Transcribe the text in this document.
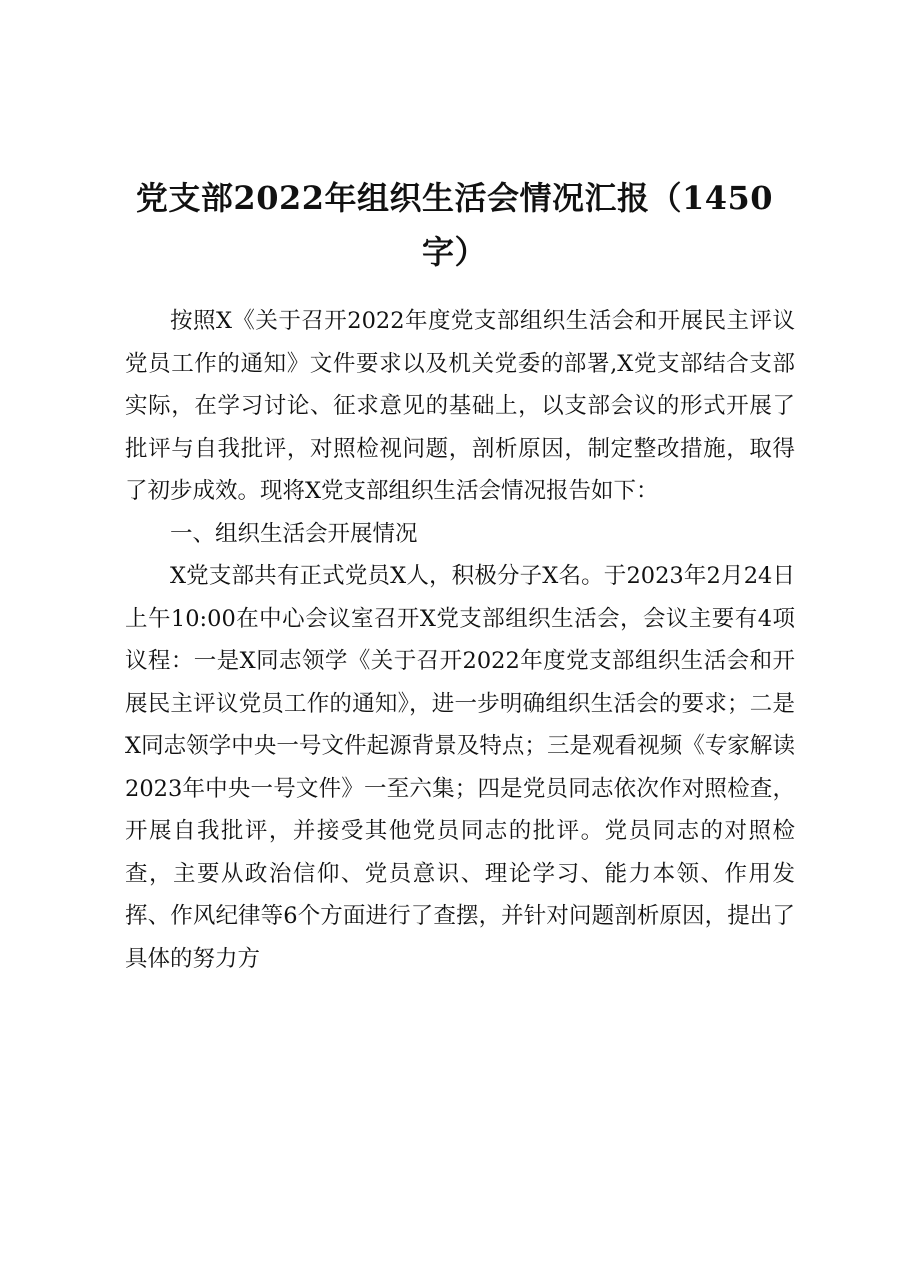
党支部2022年组织生活会情况汇报（1450字）

按照X《关于召开2022年度党支部组织生活会和开展民主评议党员工作的通知》文件要求以及机关党委的部署,X党支部结合支部实际，在学习讨论、征求意见的基础上，以支部会议的形式开展了批评与自我批评，对照检视问题，剖析原因，制定整改措施，取得了初步成效。现将X党支部组织生活会情况报告如下：

一、组织生活会开展情况

X党支部共有正式党员X人，积极分子X名。于2023年2月24日上午10:00在中心会议室召开X党支部组织生活会，会议主要有4项议程：一是X同志领学《关于召开2022年度党支部组织生活会和开展民主评议党员工作的通知》，进一步明确组织生活会的要求；二是X同志领学中央一号文件起源背景及特点；三是观看视频《专家解读2023年中央一号文件》一至六集；四是党员同志依次作对照检查，开展自我批评，并接受其他党员同志的批评。党员同志的对照检查，主要从政治信仰、党员意识、理论学习、能力本领、作用发挥、作风纪律等6个方面进行了查摆，并针对问题剖析原因，提出了具体的努力方
